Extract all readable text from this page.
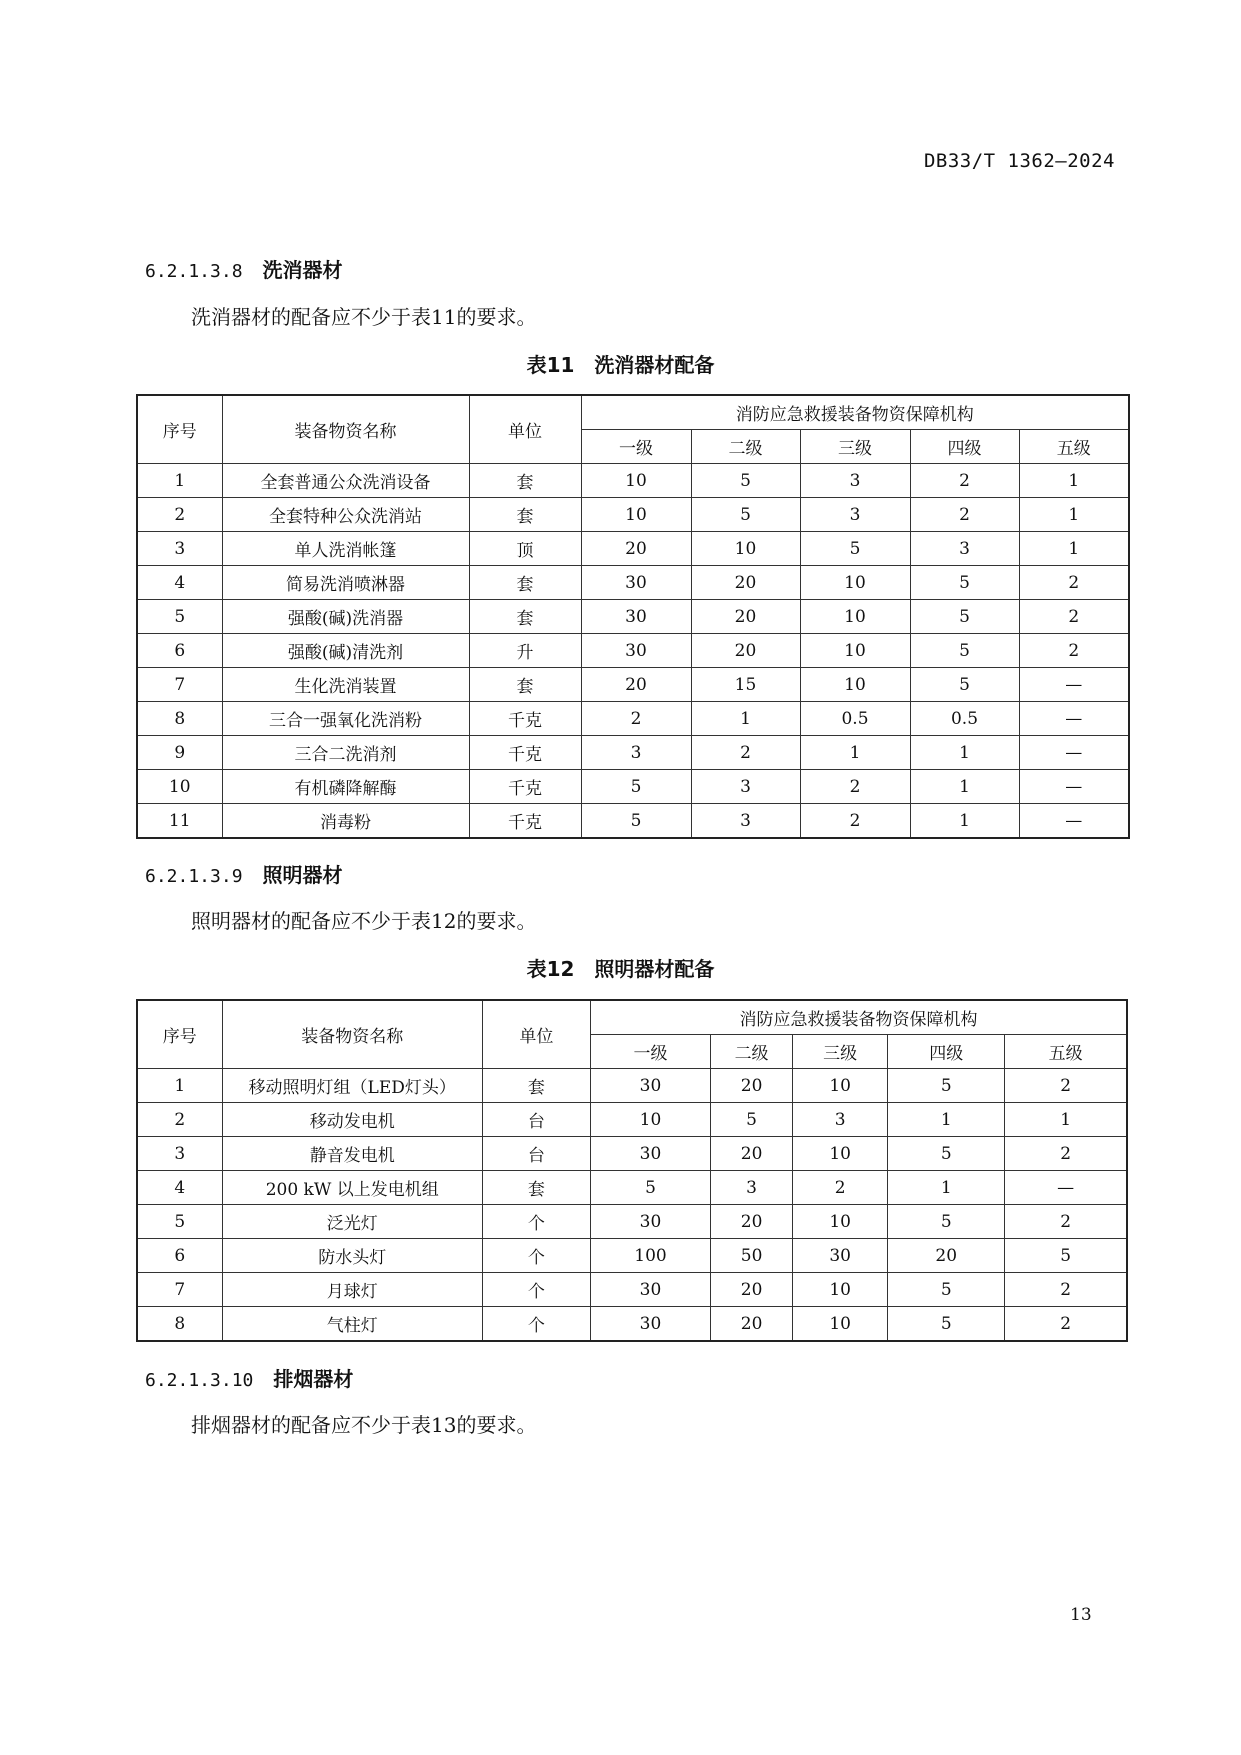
DB33/T 1362—2024
6.2.1.3.8 洗消器材
洗消器材的配备应不少于表11的要求。
表11 洗消器材配备
序号	装备物资名称	单位	消防应急救援装备物资保障机构				
			一级	二级	三级	四级	五级
1	全套普通公众洗消设备	套	10	5	3	2	1
2	全套特种公众洗消站	套	10	5	3	2	1
3	单人洗消帐篷	顶	20	10	5	3	1
4	简易洗消喷淋器	套	30	20	10	5	2
5	强酸(碱)洗消器	套	30	20	10	5	2
6	强酸(碱)清洗剂	升	30	20	10	5	2
7	生化洗消装置	套	20	15	10	5	—
8	三合一强氧化洗消粉	千克	2	1	0.5	0.5	—
9	三合二洗消剂	千克	3	2	1	1	—
10	有机磷降解酶	千克	5	3	2	1	—
11	消毒粉	千克	5	3	2	1	—
6.2.1.3.9 照明器材
照明器材的配备应不少于表12的要求。
表12 照明器材配备
序号	装备物资名称	单位	消防应急救援装备物资保障机构				
			一级	二级	三级	四级	五级
1	移动照明灯组（LED灯头）	套	30	20	10	5	2
2	移动发电机	台	10	5	3	1	1
3	静音发电机	台	30	20	10	5	2
4	200 kW 以上发电机组	套	5	3	2	1	—
5	泛光灯	个	30	20	10	5	2
6	防水头灯	个	100	50	30	20	5
7	月球灯	个	30	20	10	5	2
8	气柱灯	个	30	20	10	5	2
6.2.1.3.10 排烟器材
排烟器材的配备应不少于表13的要求。
13
